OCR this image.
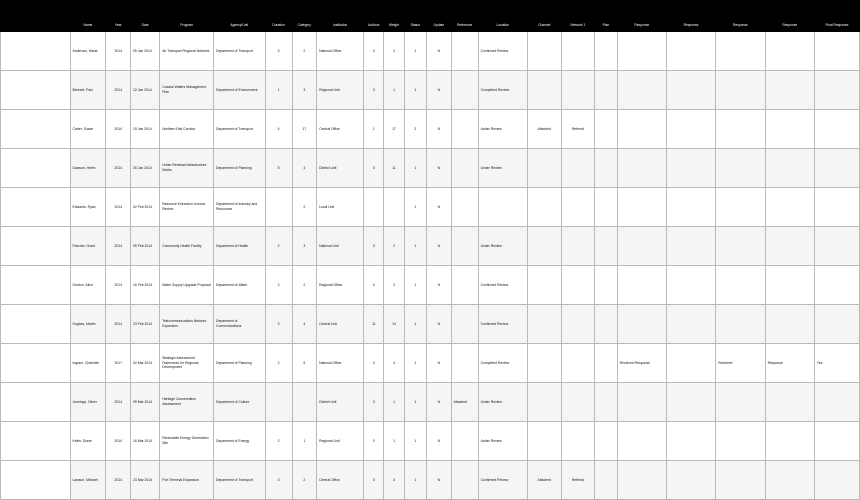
	Name	Year	Date	Program	Agency/Unit	Duration	Category	Institution	Authors	Weight	Status	Update	Reference	Location	Channel	Network 1	Plan	Response	Response	Response	Response	Final Response
	Anderson, Maria	2014	05 Jan 2014	Air Transport Regional Network	Department of Transport	3	2	National Office	0	2	1	N		Confirmed Review								
	Bennett, Paul	2014	12 Jan 2014	Coastal Waters Management Plan	Department of Environment	1	3	Regional Unit	0	1	1	N		Completed Review								
	Carter, Susan	2014	19 Jan 2014	Northern Rail Corridor	Department of Transport	4	17	Central Office	1	17	2	N		Under Review	Attached	Referral						
	Dawson, Helen	2014	26 Jan 2014	Urban Renewal Infrastructure Works	Department of Planning	5	4	District Unit	0	11	1	N		Under Review								
	Edwards, Ryan	2014	02 Feb 2014	Resource Extraction Licence Review	Department of Industry and Resources		2	Local Unit			1	N										
	Fletcher, Grant	2014	09 Feb 2014	Community Health Facility	Department of Health	2	3	National Unit	0	2	1	N		Under Review								
	Gordon, Alice	2014	16 Feb 2014	Water Supply Upgrade Proposal	Department of Water	2	2	Regional Office	0	2	1	N		Confirmed Review								
	Hughes, Martin	2014	23 Feb 2014	Telecommunications Network Expansion	Department of Communications	3	4	Central Unit	11	14	1	N		Confirmed Review								
	Ingram, Charlotte	2017	02 Mar 2014	Strategic Assessment Framework for Regional Development	Department of Planning	2	5	National Office	0	4	1	N		Completed Review				Received Response		Received	Response	Yes
	Jennings, Oliver	2014	09 Mar 2014	Heritage Conservation Assessment	Department of Culture			District Unit	0	1	1	N	Attached	Under Review								
	Keller, Diane	2014	16 Mar 2014	Renewable Energy Generation Site	Department of Energy	2	1	Regional Unit	0	1	1	N		Under Review								
	Lawson, Michael	2014	23 Mar 2014	Port Terminal Expansion	Department of Transport	3	2	Central Office	0	3	1	N		Confirmed Review	Attached	Referral						
